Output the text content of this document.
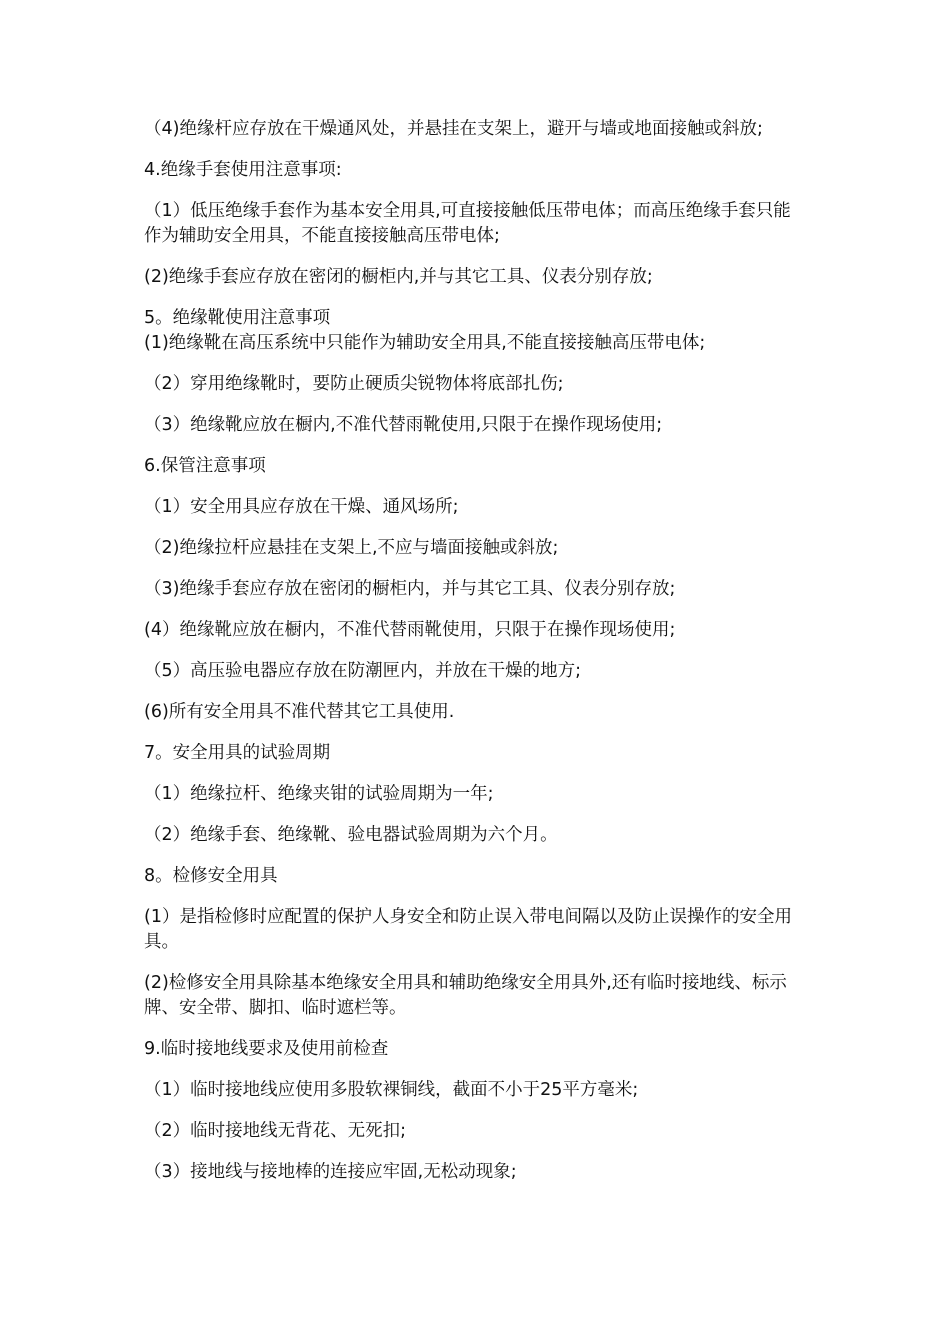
（4)绝缘杆应存放在干燥通风处，并悬挂在支架上，避开与墙或地面接触或斜放;

4.绝缘手套使用注意事项:

（1）低压绝缘手套作为基本安全用具,可直接接触低压带电体；而高压绝缘手套只能作为辅助安全用具，不能直接接触高压带电体;

(2)绝缘手套应存放在密闭的橱柜内,并与其它工具、仪表分别存放;

5。绝缘靴使用注意事项

(1)绝缘靴在高压系统中只能作为辅助安全用具,不能直接接触高压带电体;

（2）穿用绝缘靴时，要防止硬质尖锐物体将底部扎伤;

（3）绝缘靴应放在橱内,不准代替雨靴使用,只限于在操作现场使用;

6.保管注意事项

（1）安全用具应存放在干燥、通风场所;

（2)绝缘拉杆应悬挂在支架上,不应与墙面接触或斜放;

（3)绝缘手套应存放在密闭的橱柜内，并与其它工具、仪表分别存放;

(4）绝缘靴应放在橱内，不准代替雨靴使用，只限于在操作现场使用;

（5）高压验电器应存放在防潮匣内，并放在干燥的地方;

(6)所有安全用具不准代替其它工具使用.

7。安全用具的试验周期

（1）绝缘拉杆、绝缘夹钳的试验周期为一年;

（2）绝缘手套、绝缘靴、验电器试验周期为六个月。

8。检修安全用具

(1）是指检修时应配置的保护人身安全和防止误入带电间隔以及防止误操作的安全用具。

(2)检修安全用具除基本绝缘安全用具和辅助绝缘安全用具外,还有临时接地线、标示牌、安全带、脚扣、临时遮栏等。

9.临时接地线要求及使用前检查

（1）临时接地线应使用多股软裸铜线，截面不小于25平方毫米;

（2）临时接地线无背花、无死扣;

（3）接地线与接地棒的连接应牢固,无松动现象;
